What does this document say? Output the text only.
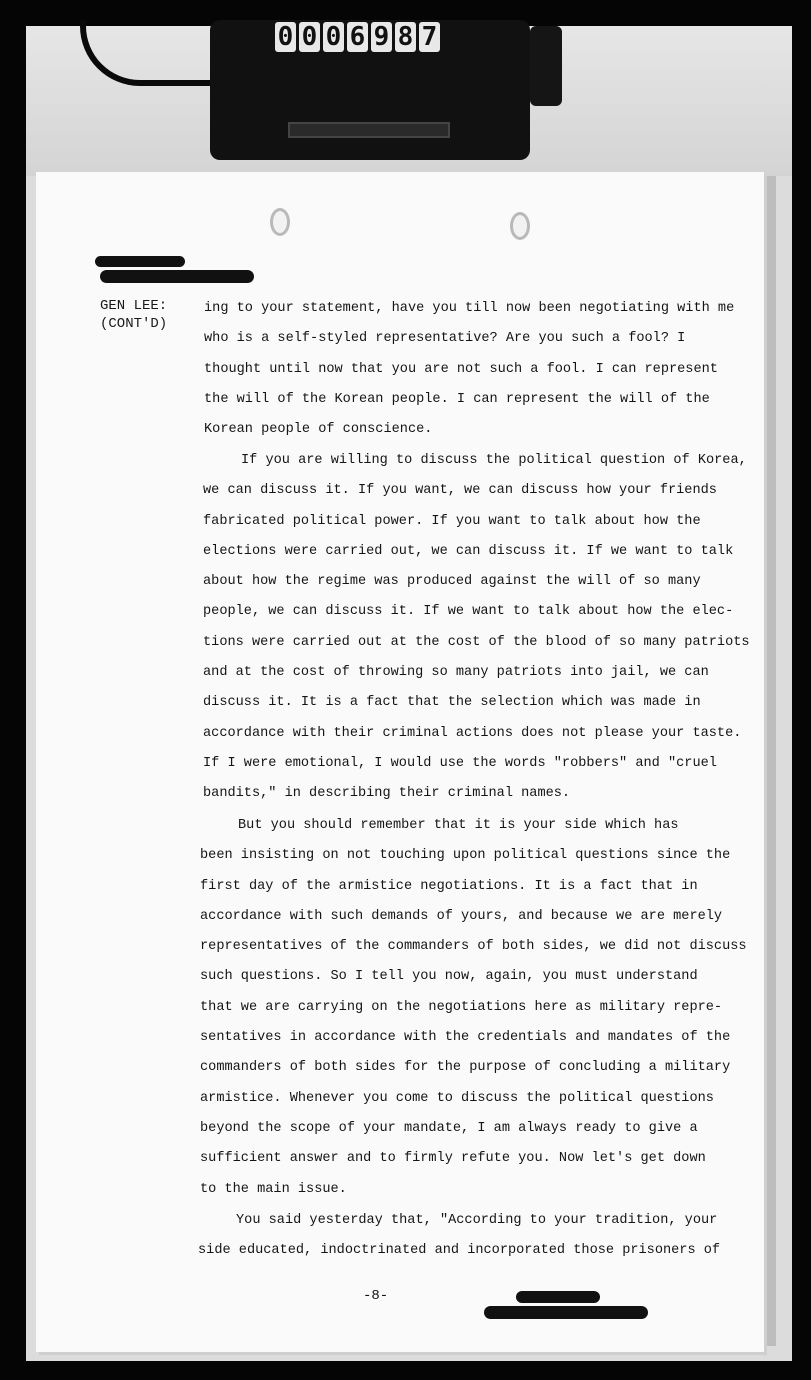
0 0 0 6 9 8 7
GEN LEE:
(CONT'D)
ing to your statement, have you till now been negotiating with me
who is a self-styled representative? Are you such a fool? I
thought until now that you are not such a fool. I can represent
the will of the Korean people. I can represent the will of the
Korean people of conscience.
If you are willing to discuss the political question of Korea,
we can discuss it. If you want, we can discuss how your friends
fabricated political power. If you want to talk about how the
elections were carried out, we can discuss it. If we want to talk
about how the regime was produced against the will of so many
people, we can discuss it. If we want to talk about how the elec-
tions were carried out at the cost of the blood of so many patriots
and at the cost of throwing so many patriots into jail, we can
discuss it. It is a fact that the selection which was made in
accordance with their criminal actions does not please your taste.
If I were emotional, I would use the words "robbers" and "cruel
bandits," in describing their criminal names.
But you should remember that it is your side which has
been insisting on not touching upon political questions since the
first day of the armistice negotiations. It is a fact that in
accordance with such demands of yours, and because we are merely
representatives of the commanders of both sides, we did not discuss
such questions. So I tell you now, again, you must understand
that we are carrying on the negotiations here as military repre-
sentatives in accordance with the credentials and mandates of the
commanders of both sides for the purpose of concluding a military
armistice. Whenever you come to discuss the political questions
beyond the scope of your mandate, I am always ready to give a
sufficient answer and to firmly refute you. Now let's get down
to the main issue.
You said yesterday that, "According to your tradition, your
side educated, indoctrinated and incorporated those prisoners of
-8-
